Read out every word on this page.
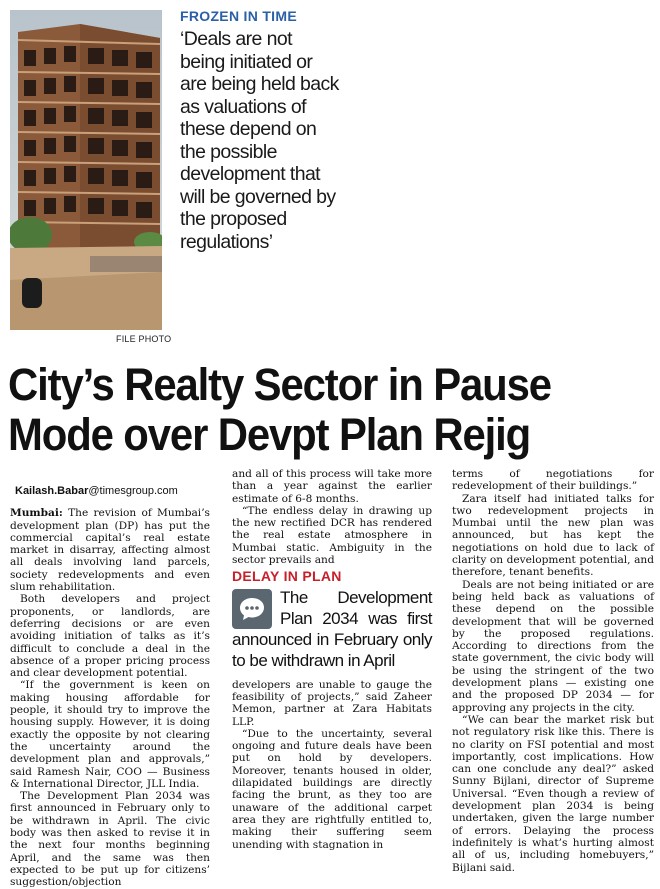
FILE PHOTO
FROZEN IN TIME
‘Deals are not being initiated or are being held back as valuations of these depend on the possible development that will be governed by the proposed regulations’
City’s Realty Sector in Pause Mode over Devpt Plan Rejig
Kailash.Babar@timesgroup.com

Mumbai: The revision of Mumbai’s development plan (DP) has put the commercial capital’s real estate market in disarray, affecting almost all deals involving land parcels, society redevelopments and even slum rehabilitation.

Both developers and project proponents, or landlords, are deferring decisions or are even avoiding initiation of talks as it’s difficult to conclude a deal in the absence of a proper pricing process and clear development potential.

“If the government is keen on making housing affordable for people, it should try to improve the housing supply. However, it is doing exactly the opposite by not clearing the uncertainty around the development plan and approvals,” said Ramesh Nair, COO — Business & International Director, JLL India.

The Development Plan 2034 was first announced in February only to be withdrawn in April. The civic body was then asked to revise it in the next four months beginning April, and the same was then expected to be put up for citizens’ suggestion/objection

and all of this process will take more than a year against the earlier estimate of 6-8 months.

“The endless delay in drawing up the new rectified DCR has rendered the real estate atmosphere in Mumbai static. Ambiguity in the sector prevails and

DELAY IN PLAN
The Development Plan 2034 was first announced in February only to be withdrawn in April

developers are unable to gauge the feasibility of projects,” said Zaheer Memon, partner at Zara Habitats LLP.

“Due to the uncertainty, several ongoing and future deals have been put on hold by developers. Moreover, tenants housed in older, dilapidated buildings are directly facing the brunt, as they too are unaware of the additional carpet area they are rightfully entitled to, making their suffering seem unending with stagnation in

terms of negotiations for redevelopment of their buildings.”

Zara itself had initiated talks for two redevelopment projects in Mumbai until the new plan was announced, but has kept the negotiations on hold due to lack of clarity on development potential, and therefore, tenant benefits.

Deals are not being initiated or are being held back as valuations of these depend on the possible development that will be governed by the proposed regulations. According to directions from the state government, the civic body will be using the stringent of the two development plans — existing one and the proposed DP 2034 — for approving any projects in the city.

“We can bear the market risk but not regulatory risk like this. There is no clarity on FSI potential and most importantly, cost implications. How can one conclude any deal?” asked Sunny Bijlani, director of Supreme Universal. “Even though a review of development plan 2034 is being undertaken, given the large number of errors. Delaying the process indefinitely is what’s hurting almost all of us, including homebuyers,” Bijlani said.
